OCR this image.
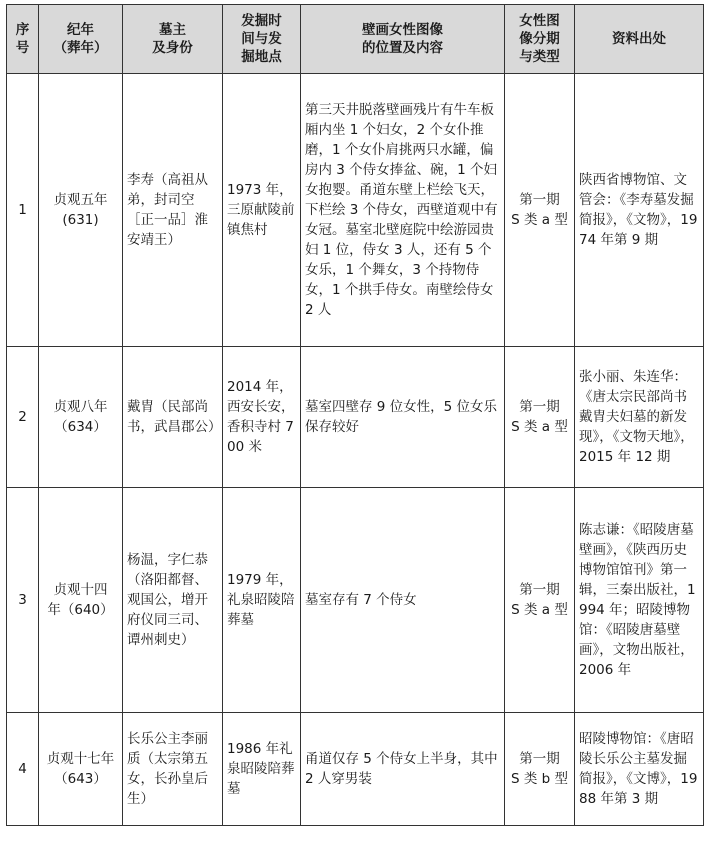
序
号	纪年
（葬年）	墓主
及身份	发掘时
间与发
掘地点	壁画女性图像
的位置及内容	女性图
像分期
与类型	资料出处
1	贞观五年
(631)	李寿（高祖从弟，封司空［正一品］淮安靖王）	1973 年，三原献陵前镇焦村	第三天井脱落壁画残片有牛车板厢内坐 1 个妇女，2 个女仆推磨，1 个女仆肩挑两只水罐，偏房内 3 个侍女捧盆、碗，1 个妇女抱婴。甬道东壁上栏绘飞天，下栏绘 3 个侍女，西壁道观中有女冠。墓室北壁庭院中绘游园贵妇 1 位，侍女 3 人，还有 5 个女乐，1 个舞女，3 个持物侍女，1 个拱手侍女。南壁绘侍女 2 人	第一期
S 类 a 型	陕西省博物馆、文管会：《李寿墓发掘简报》，《文物》，1974 年第 9 期
2	贞观八年
（634）	戴胄（民部尚书，武昌郡公）	2014 年，西安长安，香积寺村 700 米	墓室四壁存 9 位女性，5 位女乐保存较好	第一期
S 类 a 型	张小丽、朱连华：《唐太宗民部尚书戴胄夫妇墓的新发现》，《文物天地》，2015 年 12 期
3	贞观十四
年（640）	杨温，字仁恭（洛阳都督、观国公，增开府仪同三司、谭州刺史）	1979 年，礼泉昭陵陪葬墓	墓室存有 7 个侍女	第一期
S 类 a 型	陈志谦：《昭陵唐墓壁画》，《陕西历史博物馆馆刊》第一辑，三秦出版社，1994 年；昭陵博物馆：《昭陵唐墓壁画》，文物出版社，2006 年
4	贞观十七年
（643）	长乐公主李丽质（太宗第五女，长孙皇后生）	1986 年礼泉昭陵陪葬墓	甬道仅存 5 个侍女上半身，其中 2 人穿男装	第一期
S 类 b 型	昭陵博物馆：《唐昭陵长乐公主墓发掘简报》，《文博》，1988 年第 3 期
